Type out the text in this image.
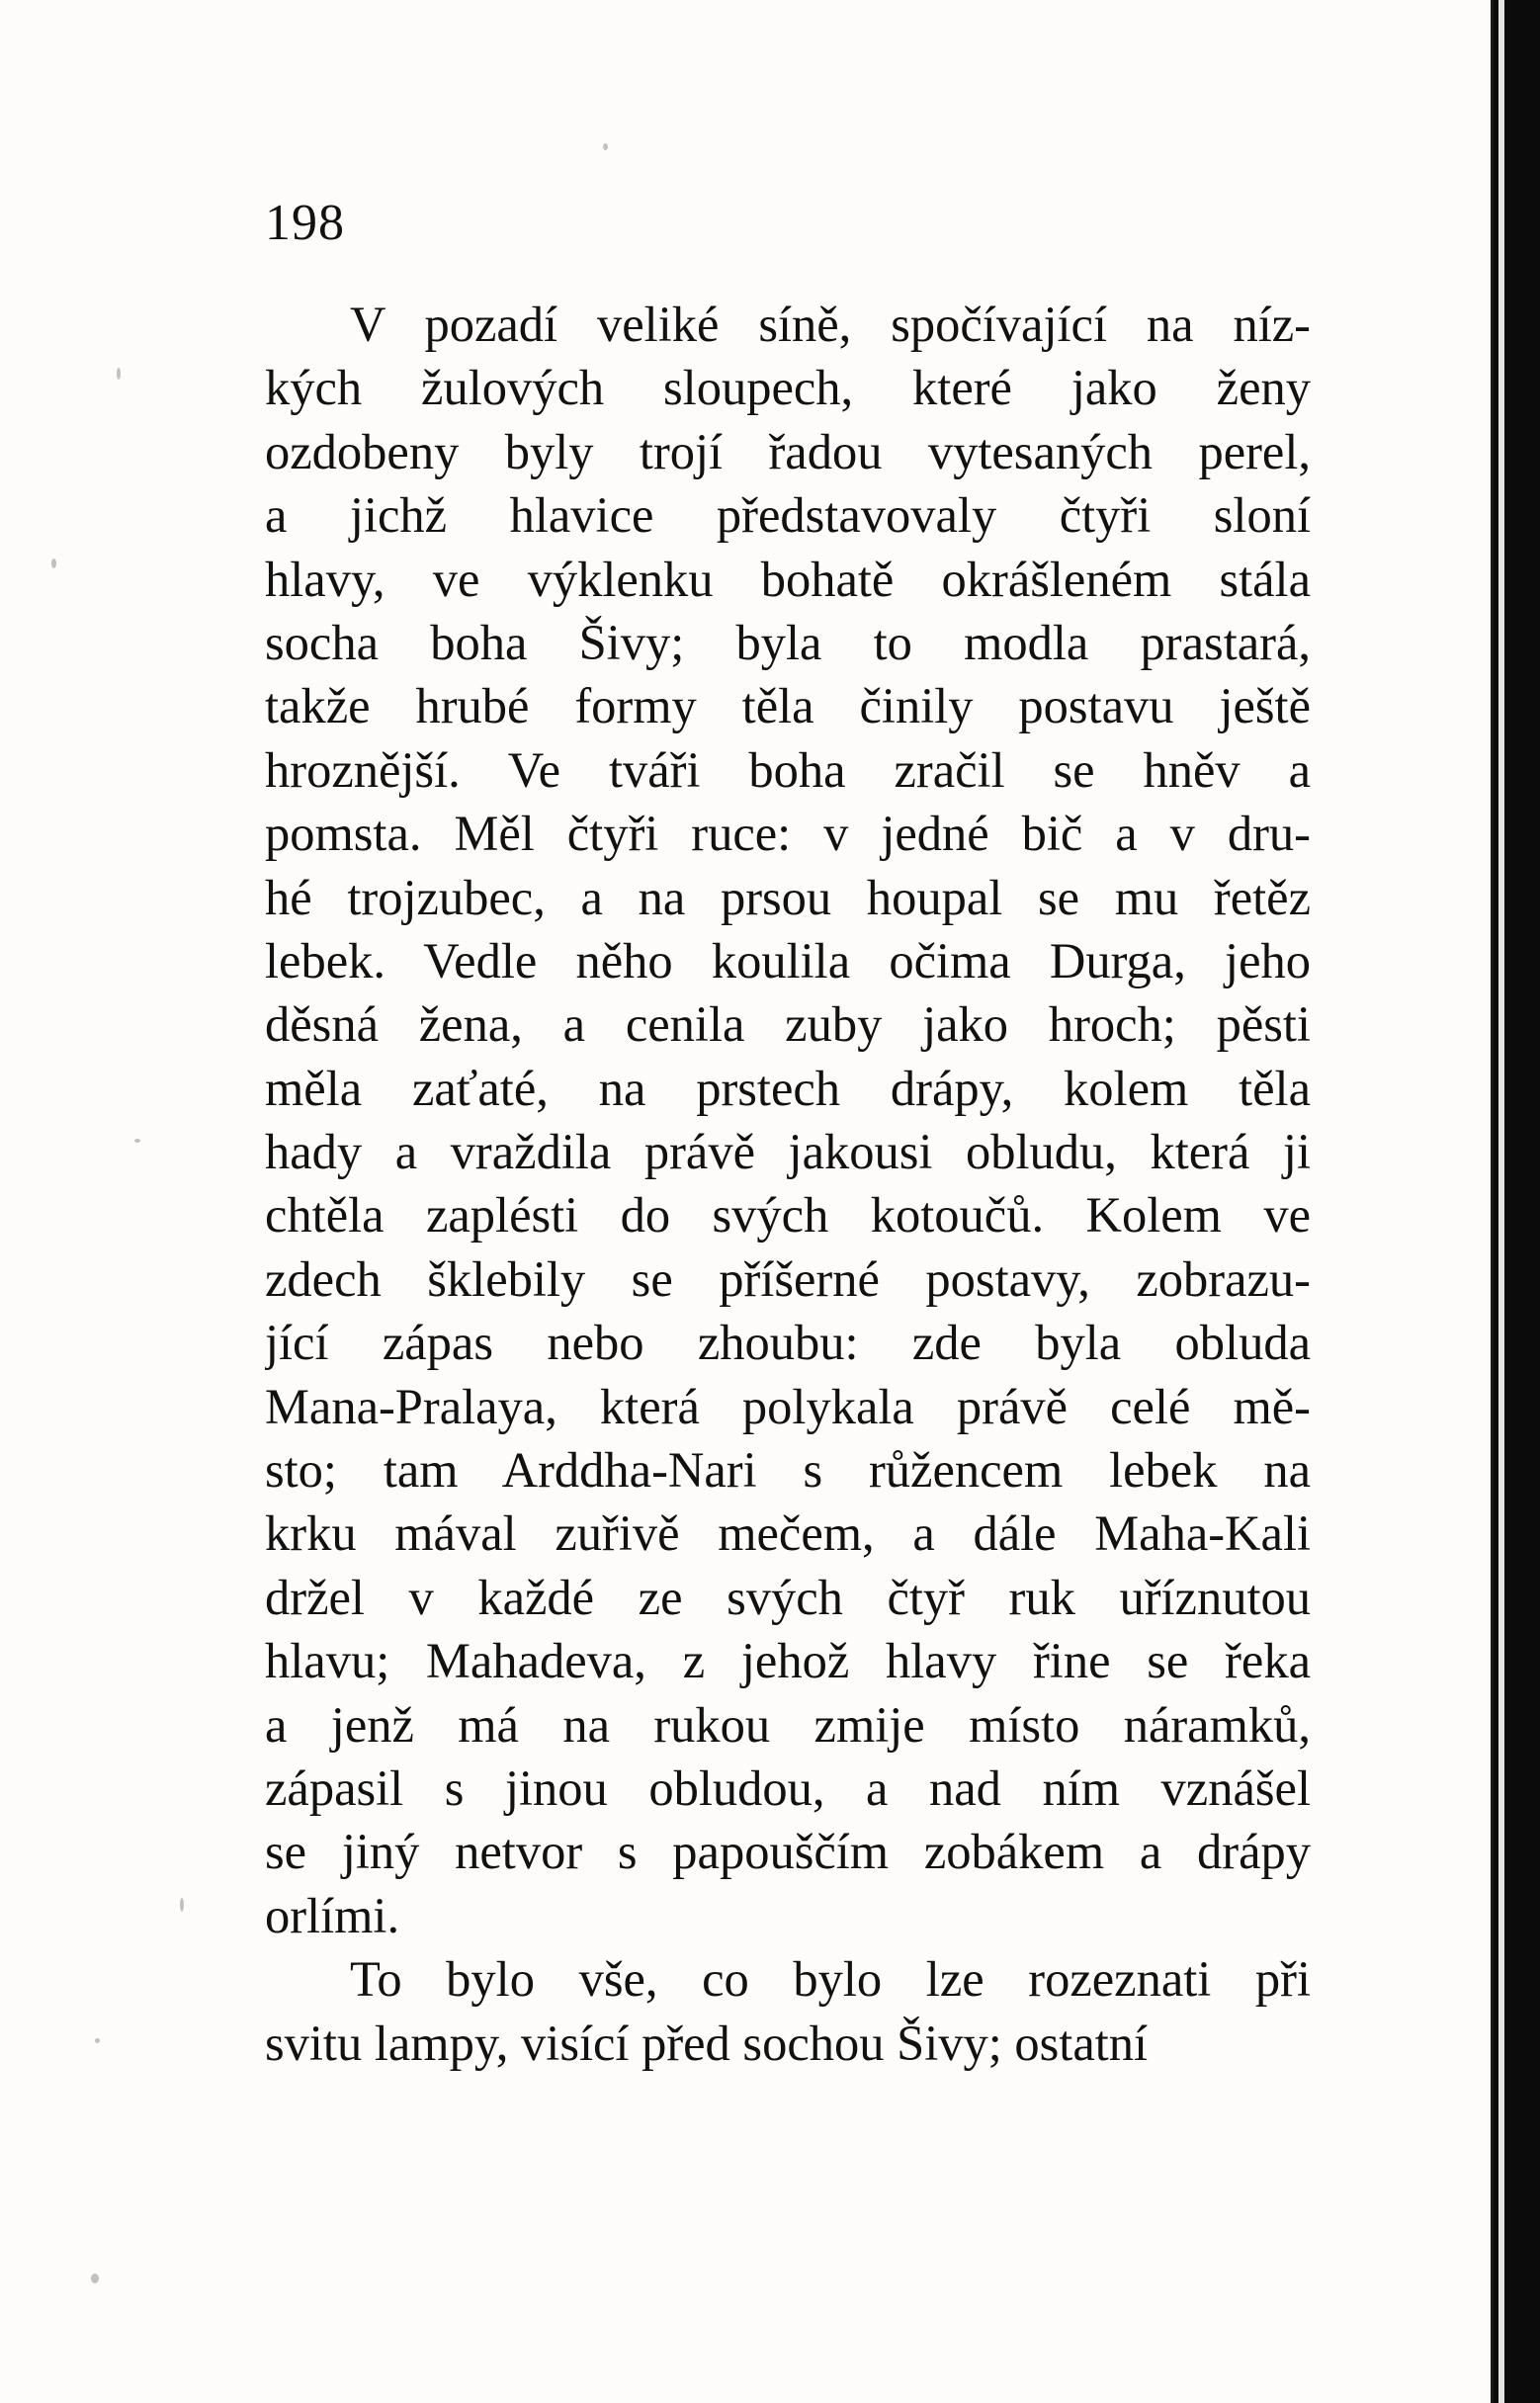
198
V pozadí veliké síně, spočívající na níz-
kých žulových sloupech, které jako ženy
ozdobeny byly trojí řadou vytesaných perel,
a jichž hlavice představovaly čtyři sloní
hlavy, ve výklenku bohatě okrášleném stála
socha boha Šivy; byla to modla prastará,
takže hrubé formy těla činily postavu ještě
hroznější. Ve tváři boha zračil se hněv a
pomsta. Měl čtyři ruce: v jedné bič a v dru-
hé trojzubec, a na prsou houpal se mu řetěz
lebek. Vedle něho koulila očima Durga, jeho
děsná žena, a cenila zuby jako hroch; pěsti
měla zaťaté, na prstech drápy, kolem těla
hady a vraždila právě jakousi obludu, která ji
chtěla zaplésti do svých kotoučů. Kolem ve
zdech šklebily se příšerné postavy, zobrazu-
jící zápas nebo zhoubu: zde byla obluda
Mana-Pralaya, která polykala právě celé mě-
sto; tam Arddha-Nari s růžencem lebek na
krku mával zuřivě mečem, a dále Maha-Kali
držel v každé ze svých čtyř ruk uříznutou
hlavu; Mahadeva, z jehož hlavy řine se řeka
a jenž má na rukou zmije místo náramků,
zápasil s jinou obludou, a nad ním vznášel
se jiný netvor s papouščím zobákem a drápy
orlími.
To bylo vše, co bylo lze rozeznati při
svitu lampy, visící před sochou Šivy; ostatní
